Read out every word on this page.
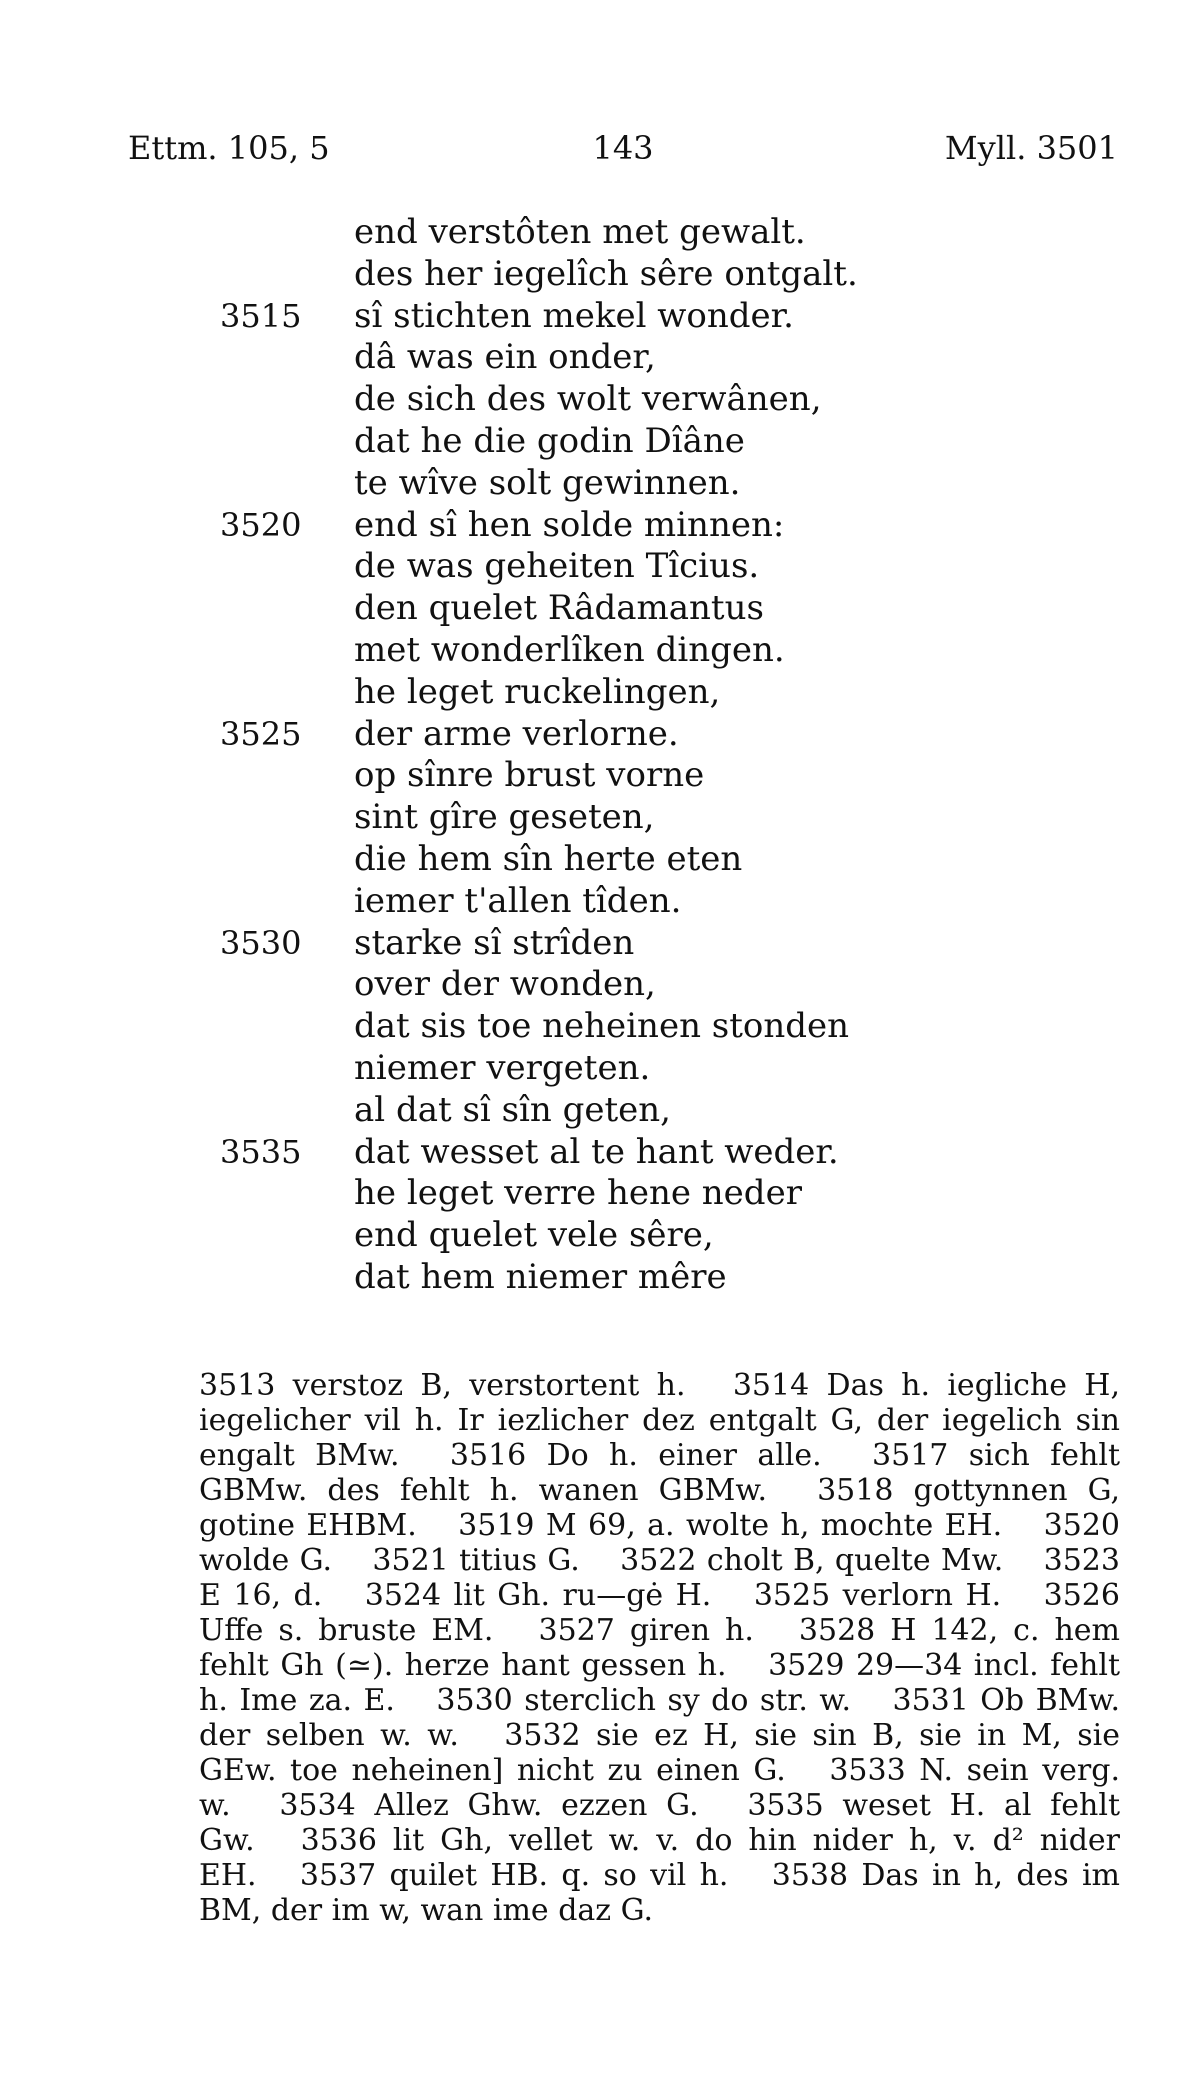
Ettm. 105, 5	143	Myll. 3501
end verstôten met gewalt.
des her iegelîch sêre ontgalt.
3515 sî stichten mekel wonder.
dâ was ein onder,
de sich des wolt verwânen,
dat he die godin Dîâne
te wîve solt gewinnen.
3520 end sî hen solde minnen:
de was geheiten Tîcius.
den quelet Râdamantus
met wonderlîken dingen.
he leget ruckelingen,
3525 der arme verlorne.
op sînre brust vorne
sint gîre geseten,
die hem sîn herte eten
iemer t'allen tîden.
3530 starke sî strîden
over der wonden,
dat sis toe neheinen stonden
niemer vergeten.
al dat sî sîn geten,
3535 dat wesset al te hant weder.
he leget verre hene neder
end quelet vele sêre,
dat hem niemer mêre
3513 verstoz B, verstortent h.  3514 Das h. iegliche H, iegelicher vil h. Ir iezlicher dez entgalt G, der iegelich sin engalt BMw.  3516 Do h. einer alle.  3517 sich fehlt GBMw. des fehlt h. wanen GBMw.  3518 gottynnen G, gotine EHBM.  3519 M 69, a. wolte h, mochte EH.  3520 wolde G.  3521 titius G.  3522 cholt B, quelte Mw.  3523 E 16, d.  3524 lit Gh. ru—gė H.  3525 verlorn H.  3526 Uffe s. bruste EM.  3527 giren h.  3528 H 142, c. hem fehlt Gh (≃). herze hant gessen h.  3529 29—34 incl. fehlt h. Ime za. E.  3530 sterclich sy do str. w.  3531 Ob BMw. der selben w. w.  3532 sie ez H, sie sin B, sie in M, sie GEw. toe neheinen] nicht zu einen G.  3533 N. sein verg. w.  3534 Allez Ghw. ezzen G.  3535 weset H. al fehlt Gw.  3536 lit Gh, vellet w. v. do hin nider h, v. d² nider EH.  3537 quilet HB. q. so vil h.  3538 Das in h, des im BM, der im w, wan ime daz G.
